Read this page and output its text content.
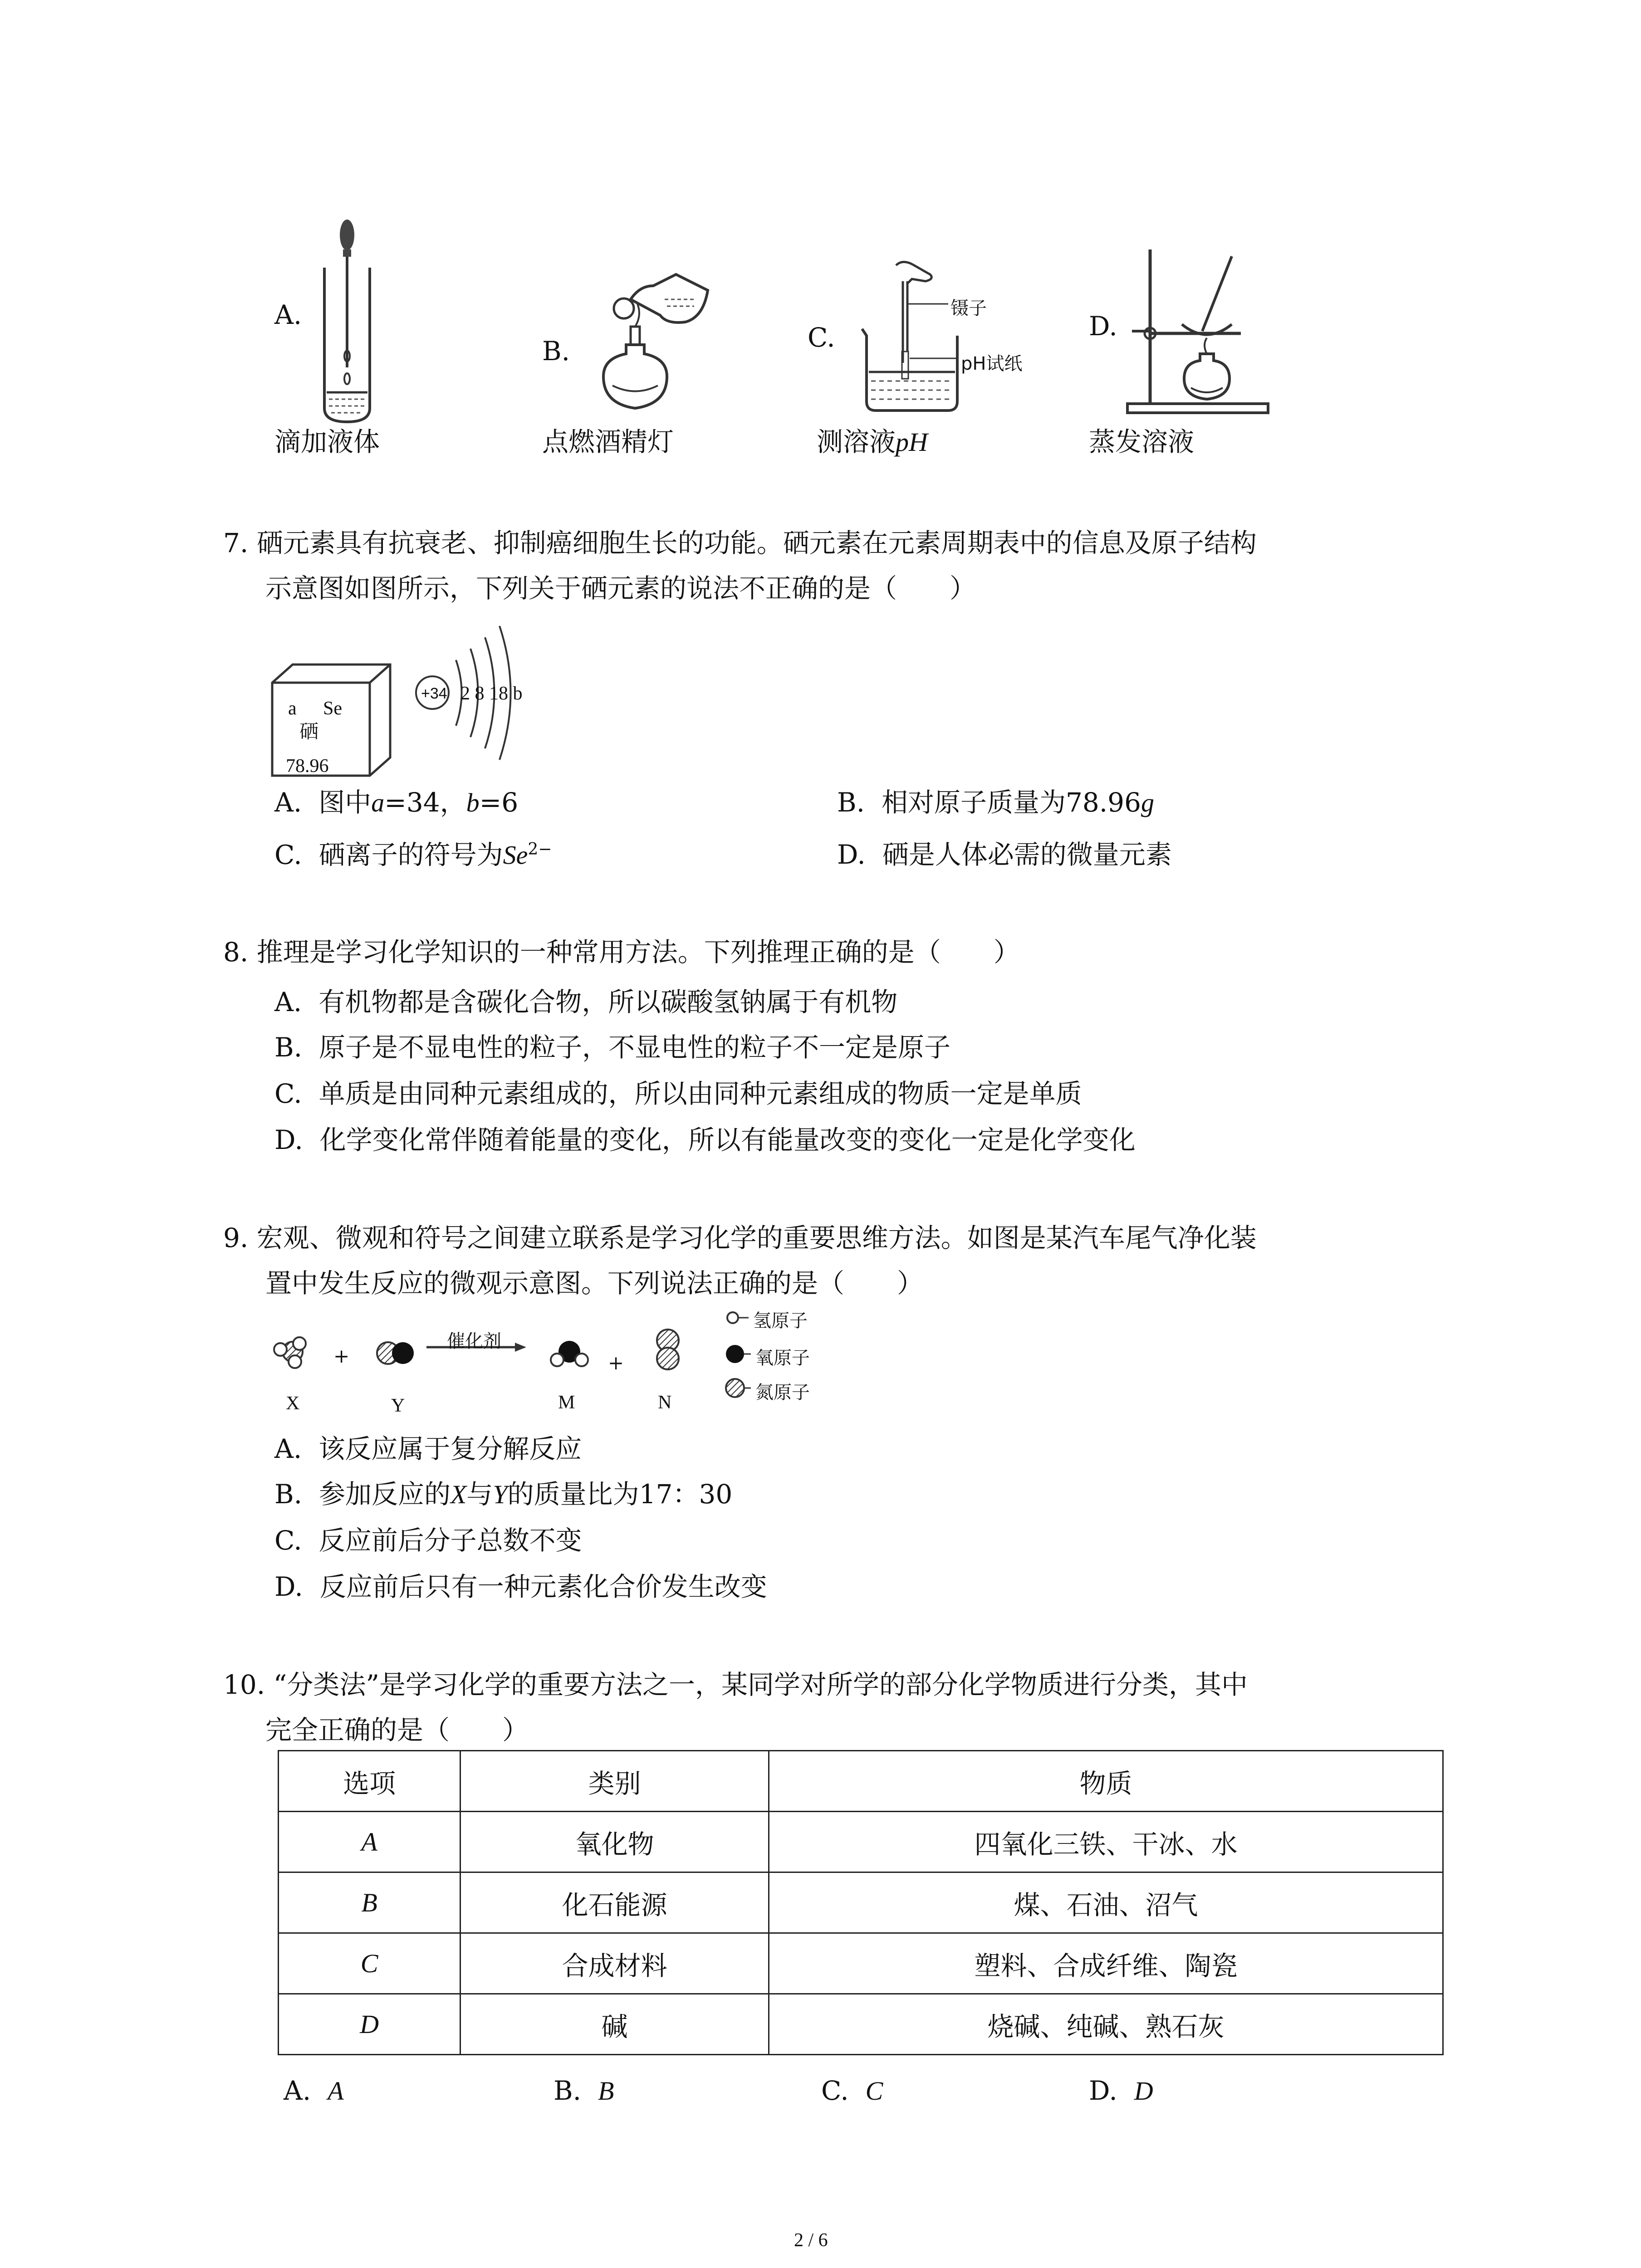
A.
滴加液体
B.
点燃酒精灯
C.
镊子
pH试纸
测溶液pH
D.
蒸发溶液
7. 硒元素具有抗衰老、抑制癌细胞生长的功能。硒元素在元素周期表中的信息及原子结构
示意图如图所示，下列关于硒元素的说法不正确的是（　　）
a Se
硒
78.96
+34 2 8 18 b
A. 图中a=34，b=6	B. 相对原子质量为78.96g
C. 硒离子的符号为$Se^{2-}$	D. 硒是人体必需的微量元素
8. 推理是学习化学知识的一种常用方法。下列推理正确的是（　　）
A. 有机物都是含碳化合物，所以碳酸氢钠属于有机物
B. 原子是不显电性的粒子，不显电性的粒子不一定是原子
C. 单质是由同种元素组成的，所以由同种元素组成的物质一定是单质
D. 化学变化常伴随着能量的变化，所以有能量改变的变化一定是化学变化
9. 宏观、微观和符号之间建立联系是学习化学的重要思维方法。如图是某汽车尾气净化装
置中发生反应的微观示意图。下列说法正确的是（　　）
+	+
催化剂
X	Y	M	N
氢原子
氧原子
氮原子
A. 该反应属于复分解反应
B. 参加反应的X与Y的质量比为17：30
C. 反应前后分子总数不变
D. 反应前后只有一种元素化合价发生改变
10. “分类法”是学习化学的重要方法之一，某同学对所学的部分化学物质进行分类，其中
完全正确的是（　　）
选项	类别	物质
A	氧化物	四氧化三铁、干冰、水
B	化石能源	煤、石油、沼气
C	合成材料	塑料、合成纤维、陶瓷
D	碱	烧碱、纯碱、熟石灰
A. A	B. B	C. C	D. D
2 / 6
